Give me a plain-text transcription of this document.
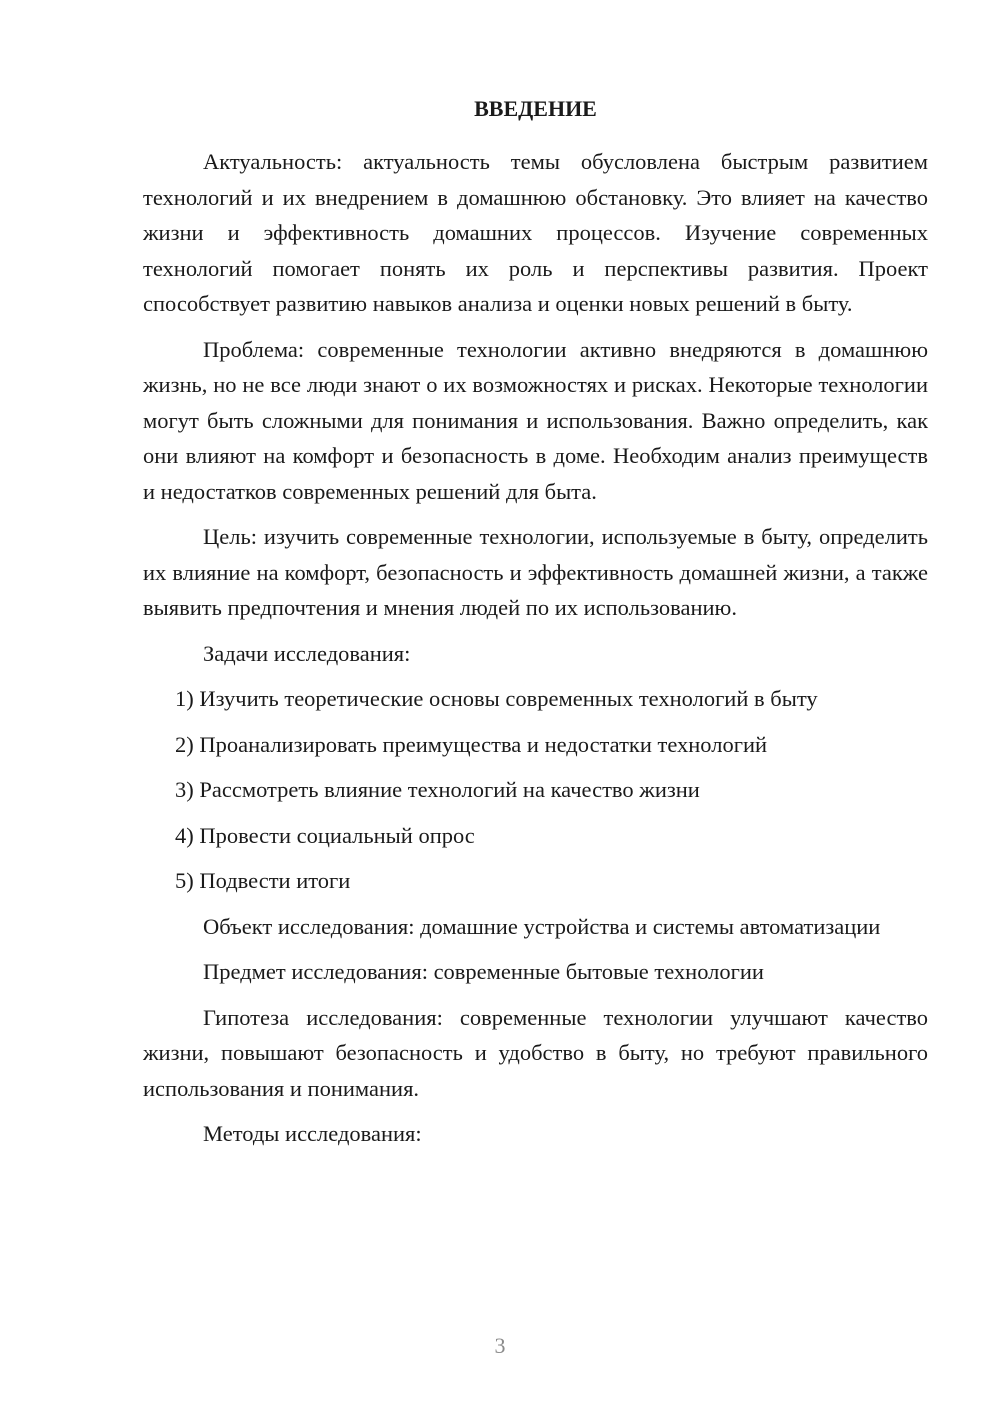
ВВЕДЕНИЕ

Актуальность: актуальность темы обусловлена быстрым развитием технологий и их внедрением в домашнюю обстановку. Это влияет на качество жизни и эффективность домашних процессов. Изучение современных технологий помогает понять их роль и перспективы развития. Проект способствует развитию навыков анализа и оценки новых решений в быту.

Проблема: современные технологии активно внедряются в домашнюю жизнь, но не все люди знают о их возможностях и рисках. Некоторые технологии могут быть сложными для понимания и использования. Важно определить, как они влияют на комфорт и безопасность в доме. Необходим анализ преимуществ и недостатков современных решений для быта.

Цель: изучить современные технологии, используемые в быту, определить их влияние на комфорт, безопасность и эффективность домашней жизни, а также выявить предпочтения и мнения людей по их использованию.

Задачи исследования:

1) Изучить теоретические основы современных технологий в быту

2) Проанализировать преимущества и недостатки технологий

3) Рассмотреть влияние технологий на качество жизни

4) Провести социальный опрос

5) Подвести итоги

Объект исследования: домашние устройства и системы автоматизации

Предмет исследования: современные бытовые технологии

Гипотеза исследования: современные технологии улучшают качество жизни, повышают безопасность и удобство в быту, но требуют правильного использования и понимания.

Методы исследования:

3
